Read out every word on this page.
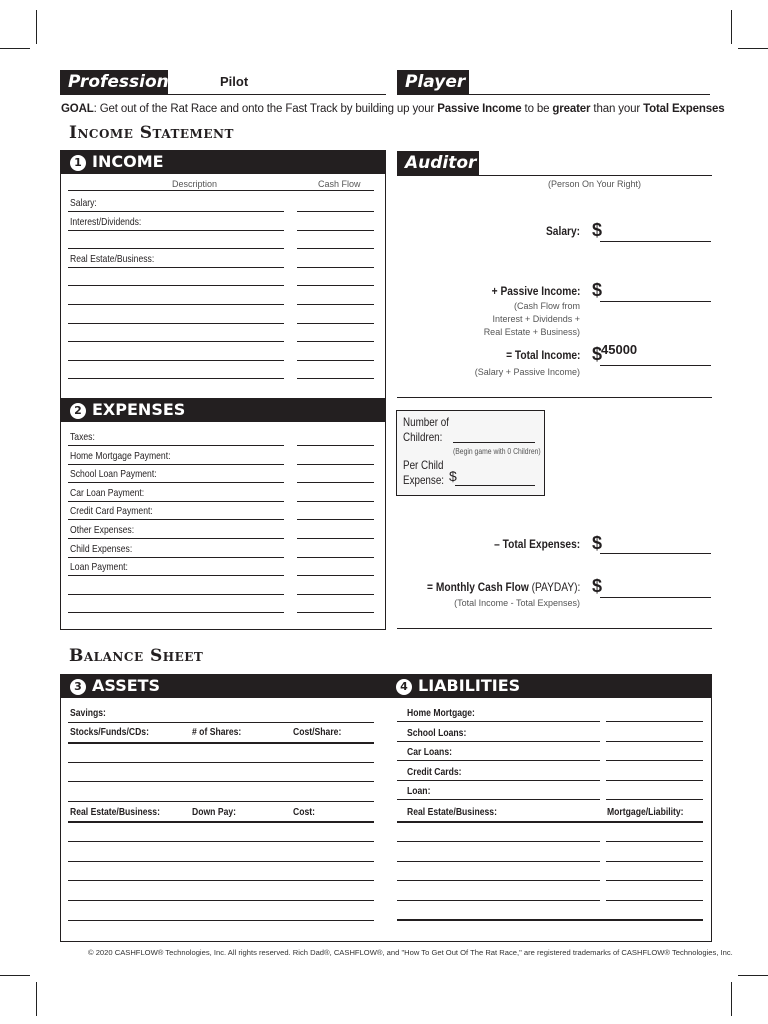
Profession	Pilot	Player
GOAL: Get out of the Rat Race and onto the Fast Track by building up your Passive Income to be greater than your Total Expenses
Income Statement
1 INCOME
Description	Cash Flow
Salary:
Interest/Dividends:
Real Estate/Business:
2 EXPENSES
Taxes:
Home Mortgage Payment:
School Loan Payment:
Car Loan Payment:
Credit Card Payment:
Other Expenses:
Child Expenses:
Loan Payment:
Auditor
(Person On Your Right)
Salary: $
+ Passive Income: $
(Cash Flow from
Interest + Dividends +
Real Estate + Business)
= Total Income: $
45000
(Salary + Passive Income)
Number of
Children:
(Begin game with 0 Children)
Per Child
Expense: $
– Total Expenses: $
= Monthly Cash Flow (PAYDAY): $
(Total Income - Total Expenses)
Balance Sheet
3 ASSETS	4 LIABILITIES
Savings:
Stocks/Funds/CDs:	# of Shares:	Cost/Share:
Real Estate/Business:	Down Pay:	Cost:
Home Mortgage:
School Loans:
Car Loans:
Credit Cards:
Loan:
Real Estate/Business:	Mortgage/Liability:
© 2020 CASHFLOW® Technologies, Inc. All rights reserved. Rich Dad®, CASHFLOW®, and "How To Get Out Of The Rat Race," are registered trademarks of CASHFLOW® Technologies, Inc.
